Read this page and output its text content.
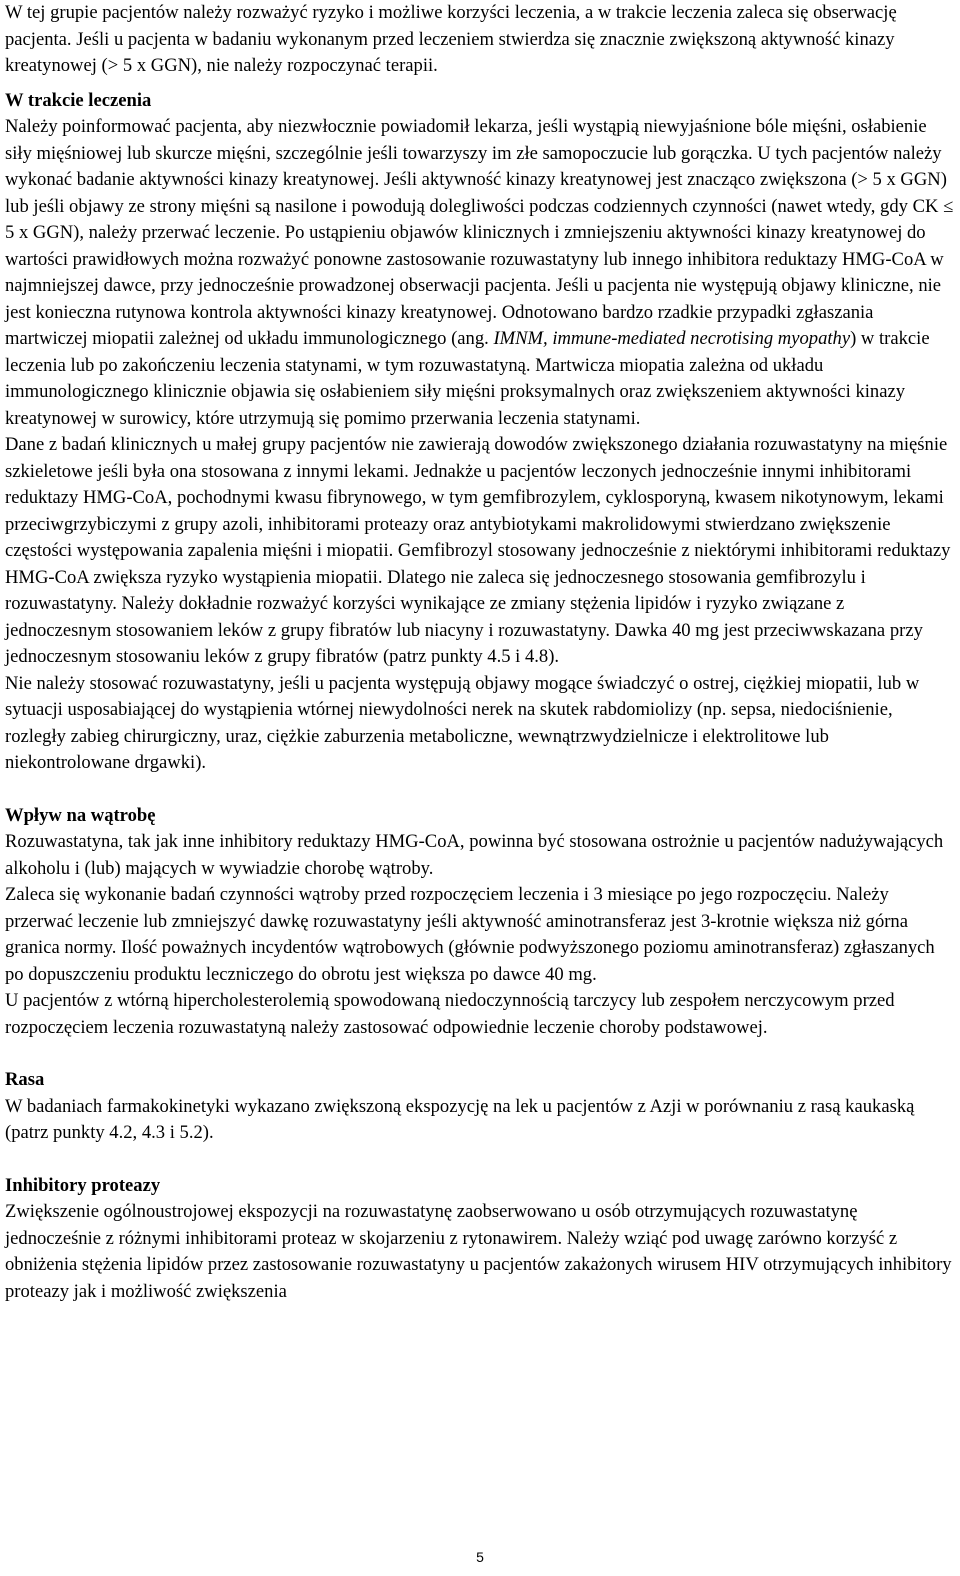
W tej grupie pacjentów należy rozważyć ryzyko i możliwe korzyści leczenia, a w trakcie leczenia zaleca się obserwację pacjenta. Jeśli u pacjenta w badaniu wykonanym przed leczeniem stwierdza się znacznie zwiększoną aktywność kinazy kreatynowej (> 5 x GGN), nie należy rozpoczynać terapii.

W trakcie leczenia

Należy poinformować pacjenta, aby niezwłocznie powiadomił lekarza, jeśli wystąpią niewyjaśnione bóle mięśni, osłabienie siły mięśniowej lub skurcze mięśni, szczególnie jeśli towarzyszy im złe samopoczucie lub gorączka. U tych pacjentów należy wykonać badanie aktywności kinazy kreatynowej. Jeśli aktywność kinazy kreatynowej jest znacząco zwiększona (> 5 x GGN) lub jeśli objawy ze strony mięśni są nasilone i powodują dolegliwości podczas codziennych czynności (nawet wtedy, gdy CK ≤ 5 x GGN), należy przerwać leczenie. Po ustąpieniu objawów klinicznych i zmniejszeniu aktywności kinazy kreatynowej do wartości prawidłowych można rozważyć ponowne zastosowanie rozuwastatyny lub innego inhibitora reduktazy HMG-CoA w najmniejszej dawce, przy jednocześnie prowadzonej obserwacji pacjenta. Jeśli u pacjenta nie występują objawy kliniczne, nie jest konieczna rutynowa kontrola aktywności kinazy kreatynowej. Odnotowano bardzo rzadkie przypadki zgłaszania martwiczej miopatii zależnej od układu immunologicznego (ang. IMNM, immune-mediated necrotising myopathy) w trakcie leczenia lub po zakończeniu leczenia statynami, w tym rozuwastatyną. Martwicza miopatia zależna od układu immunologicznego klinicznie objawia się osłabieniem siły mięśni proksymalnych oraz zwiększeniem aktywności kinazy kreatynowej w surowicy, które utrzymują się pomimo przerwania leczenia statynami.

Dane z badań klinicznych u małej grupy pacjentów nie zawierają dowodów zwiększonego działania rozuwastatyny na mięśnie szkieletowe jeśli była ona stosowana z innymi lekami. Jednakże u pacjentów leczonych jednocześnie innymi inhibitorami reduktazy HMG-CoA, pochodnymi kwasu fibrynowego, w tym gemfibrozylem, cyklosporyną, kwasem nikotynowym, lekami przeciwgrzybiczymi z grupy azoli, inhibitorami proteazy oraz antybiotykami makrolidowymi stwierdzano zwiększenie częstości występowania zapalenia mięśni i miopatii. Gemfibrozyl stosowany jednocześnie z niektórymi inhibitorami reduktazy HMG-CoA zwiększa ryzyko wystąpienia miopatii. Dlatego nie zaleca się jednoczesnego stosowania gemfibrozylu i rozuwastatyny. Należy dokładnie rozważyć korzyści wynikające ze zmiany stężenia lipidów i ryzyko związane z jednoczesnym stosowaniem leków z grupy fibratów lub niacyny i rozuwastatyny. Dawka 40 mg jest przeciwwskazana przy jednoczesnym stosowaniu leków z grupy fibratów (patrz punkty 4.5 i 4.8).

Nie należy stosować rozuwastatyny, jeśli u pacjenta występują objawy mogące świadczyć o ostrej, ciężkiej miopatii, lub w sytuacji usposabiającej do wystąpienia wtórnej niewydolności nerek na skutek rabdomiolizy (np. sepsa, niedociśnienie, rozległy zabieg chirurgiczny, uraz, ciężkie zaburzenia metaboliczne, wewnątrzwydzielnicze i elektrolitowe lub niekontrolowane drgawki).

Wpływ na wątrobę

Rozuwastatyna, tak jak inne inhibitory reduktazy HMG-CoA, powinna być stosowana ostrożnie u pacjentów nadużywających alkoholu i (lub) mających w wywiadzie chorobę wątroby.

Zaleca się wykonanie badań czynności wątroby przed rozpoczęciem leczenia i 3 miesiące po jego rozpoczęciu. Należy przerwać leczenie lub zmniejszyć dawkę rozuwastatyny jeśli aktywność aminotransferaz jest 3-krotnie większa niż górna granica normy. Ilość poważnych incydentów wątrobowych (głównie podwyższonego poziomu aminotransferaz) zgłaszanych po dopuszczeniu produktu leczniczego do obrotu jest większa po dawce 40 mg.

U pacjentów z wtórną hipercholesterolemią spowodowaną niedoczynnością tarczycy lub zespołem nerczycowym przed rozpoczęciem leczenia rozuwastatyną należy zastosować odpowiednie leczenie choroby podstawowej.

Rasa

W badaniach farmakokinetyki wykazano zwiększoną ekspozycję na lek u pacjentów z Azji w porównaniu z rasą kaukaską (patrz punkty 4.2, 4.3 i 5.2).

Inhibitory proteazy

Zwiększenie ogólnoustrojowej ekspozycji na rozuwastatynę zaobserwowano u osób otrzymujących rozuwastatynę jednocześnie z różnymi inhibitorami proteaz w skojarzeniu z rytonawirem. Należy wziąć pod uwagę zarówno korzyść z obniżenia stężenia lipidów przez zastosowanie rozuwastatyny u pacjentów zakażonych wirusem HIV otrzymujących inhibitory proteazy jak i możliwość zwiększenia

5
